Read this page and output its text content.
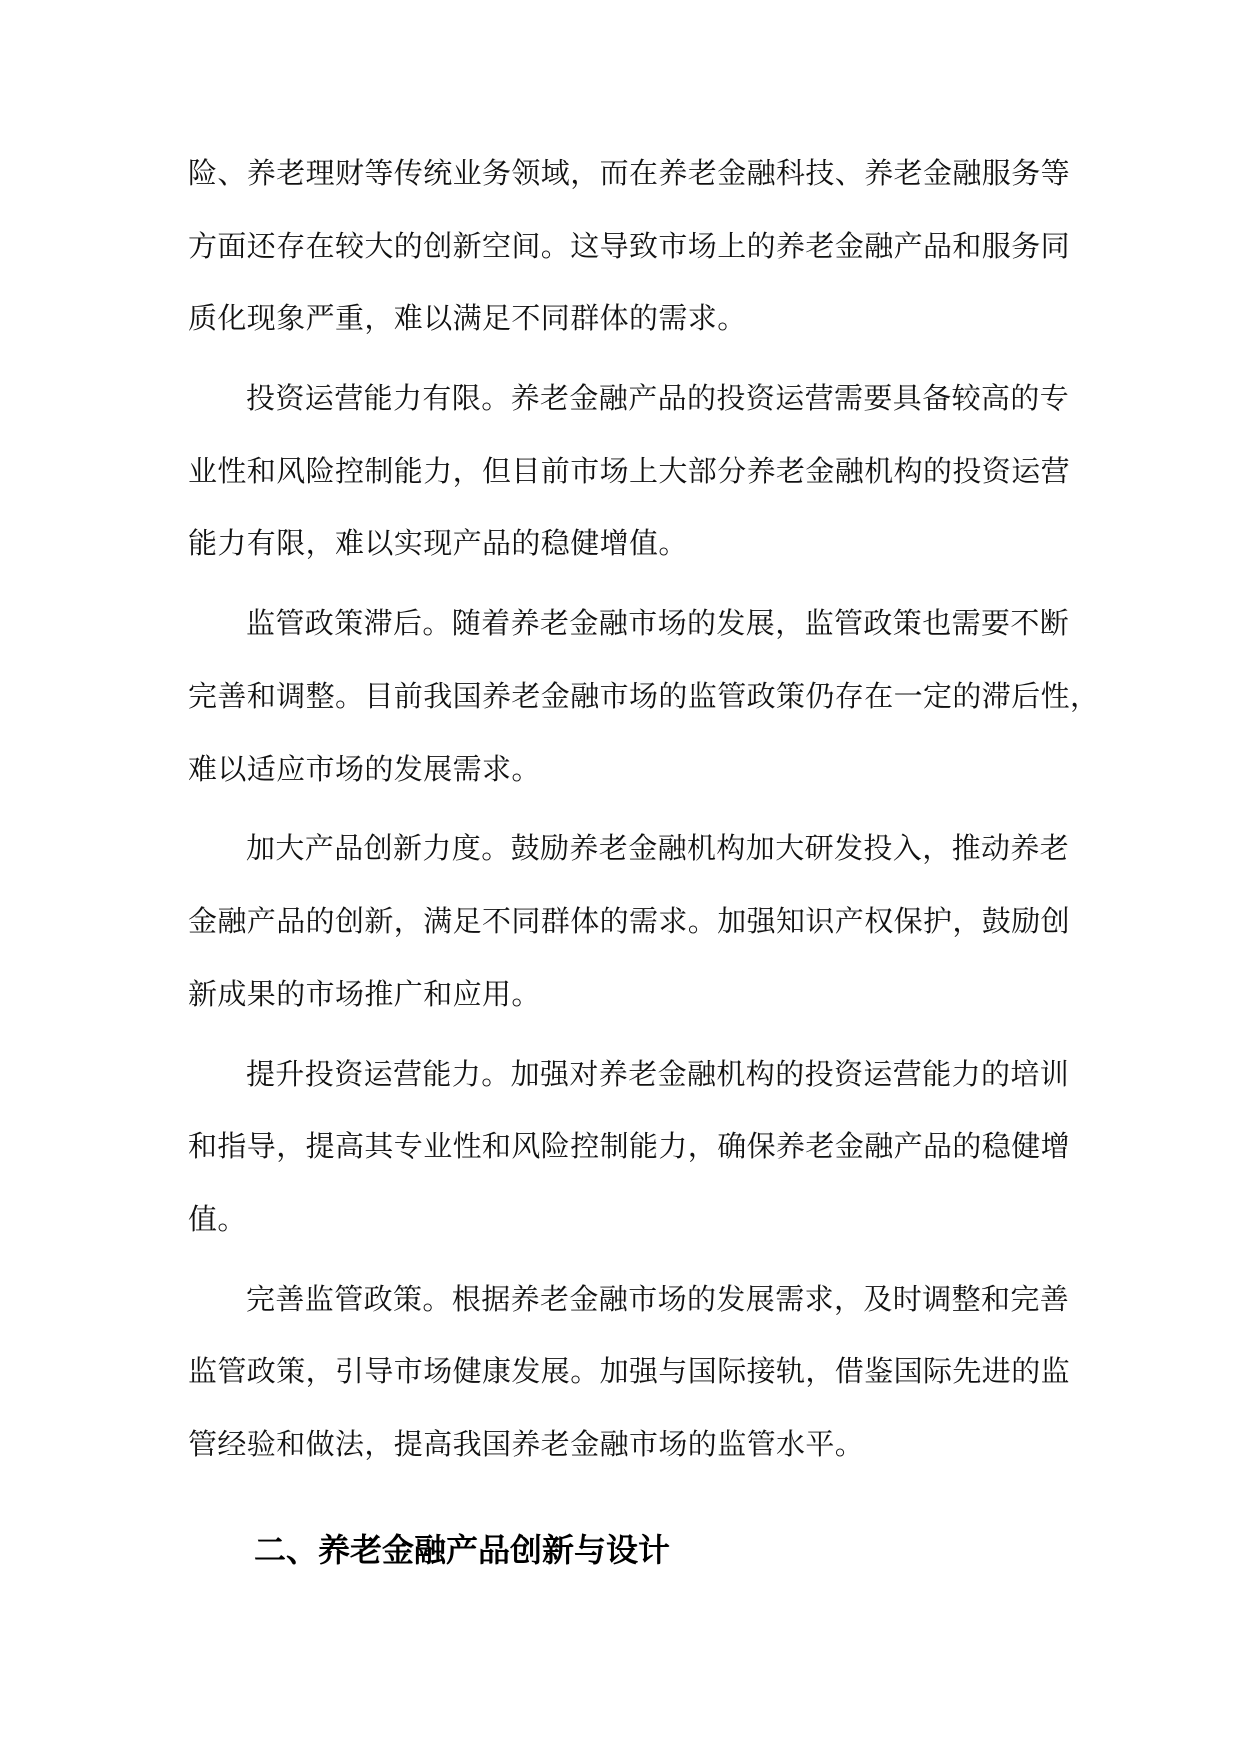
险、养老理财等传统业务领域，而在养老金融科技、养老金融服务等
方面还存在较大的创新空间。这导致市场上的养老金融产品和服务同
质化现象严重，难以满足不同群体的需求。
投资运营能力有限。养老金融产品的投资运营需要具备较高的专
业性和风险控制能力，但目前市场上大部分养老金融机构的投资运营
能力有限，难以实现产品的稳健增值。
监管政策滞后。随着养老金融市场的发展，监管政策也需要不断
完善和调整。目前我国养老金融市场的监管政策仍存在一定的滞后性，
难以适应市场的发展需求。
加大产品创新力度。鼓励养老金融机构加大研发投入，推动养老
金融产品的创新，满足不同群体的需求。加强知识产权保护，鼓励创
新成果的市场推广和应用。
提升投资运营能力。加强对养老金融机构的投资运营能力的培训
和指导，提高其专业性和风险控制能力，确保养老金融产品的稳健增
值。
完善监管政策。根据养老金融市场的发展需求，及时调整和完善
监管政策，引导市场健康发展。加强与国际接轨，借鉴国际先进的监
管经验和做法，提高我国养老金融市场的监管水平。
二、养老金融产品创新与设计
